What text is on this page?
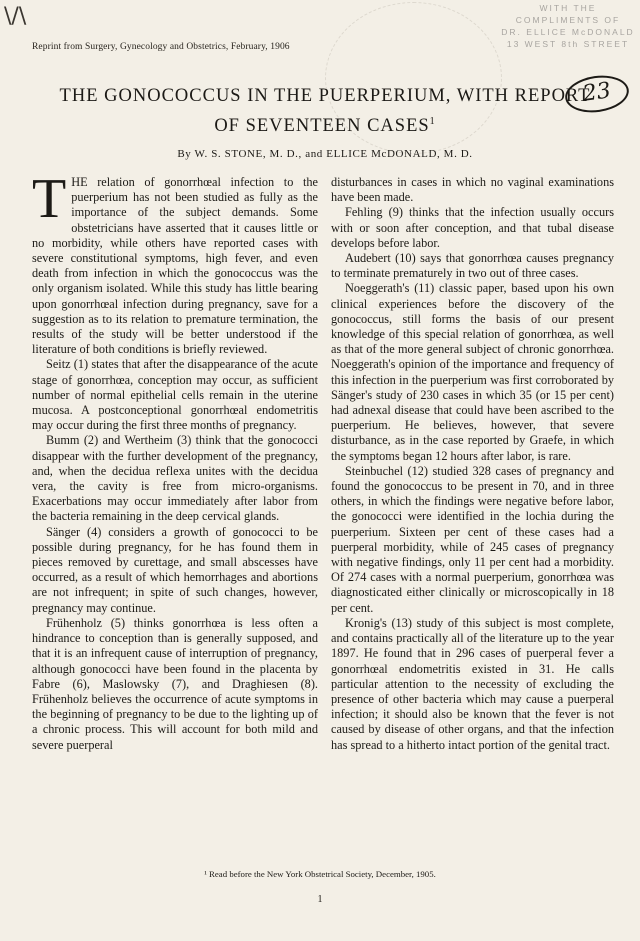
\/\	WITH THE COMPLIMENTS OF
DR. ELLICE McDONALD
13 WEST 8th STREET
Reprint from Surgery, Gynecology and Obstetrics, February, 1906
THE GONOCOCCUS IN THE PUERPERIUM, WITH REPORT
OF SEVENTEEN CASES$^1$
23
By W. S. STONE, M. D., and ELLICE McDONALD, M. D.

THE relation of gonorrhœal infection to the puerperium has not been studied as fully as the importance of the subject demands. Some obstetricians have asserted that it causes little or no morbidity, while others have reported cases with severe constitutional symptoms, high fever, and even death from infection in which the gonococcus was the only organism isolated. While this study has little bearing upon gonorrhœal infection during pregnancy, save for a suggestion as to its relation to premature termination, the results of the study will be better understood if the literature of both conditions is briefly reviewed.

Seitz (1) states that after the disappearance of the acute stage of gonorrhœa, conception may occur, as sufficient number of normal epithelial cells remain in the uterine mucosa. A postconceptional gonorrhœal endometritis may occur during the first three months of pregnancy.

Bumm (2) and Wertheim (3) think that the gonococci disappear with the further development of the pregnancy, and, when the decidua reflexa unites with the decidua vera, the cavity is free from micro-organisms. Exacerbations may occur immediately after labor from the bacteria remaining in the deep cervical glands.

Sänger (4) considers a growth of gonococci to be possible during pregnancy, for he has found them in pieces removed by curettage, and small abscesses have occurred, as a result of which hemorrhages and abortions are not infrequent; in spite of such changes, however, pregnancy may continue.

Frühenholz (5) thinks gonorrhœa is less often a hindrance to conception than is generally supposed, and that it is an infrequent cause of interruption of pregnancy, although gonococci have been found in the placenta by Fabre (6), Maslowsky (7), and Draghiesen (8). Frühenholz believes the occurrence of acute symptoms in the beginning of pregnancy to be due to the lighting up of a chronic process. This will account for both mild and severe puerperal

disturbances in cases in which no vaginal examinations have been made.

Fehling (9) thinks that the infection usually occurs with or soon after conception, and that tubal disease develops before labor.

Audebert (10) says that gonorrhœa causes pregnancy to terminate prematurely in two out of three cases.

Noeggerath's (11) classic paper, based upon his own clinical experiences before the discovery of the gonococcus, still forms the basis of our present knowledge of this special relation of gonorrhœa, as well as that of the more general subject of chronic gonorrhœa. Noeggerath's opinion of the importance and frequency of this infection in the puerperium was first corroborated by Sänger's study of 230 cases in which 35 (or 15 per cent) had adnexal disease that could have been ascribed to the puerperium. He believes, however, that severe disturbance, as in the case reported by Graefe, in which the symptoms began 12 hours after labor, is rare.

Steinbuchel (12) studied 328 cases of pregnancy and found the gonococcus to be present in 70, and in three others, in which the findings were negative before labor, the gonococci were identified in the lochia during the puerperium. Sixteen per cent of these cases had a puerperal morbidity, while of 245 cases of pregnancy with negative findings, only 11 per cent had a morbidity. Of 274 cases with a normal puerperium, gonorrhœa was diagnosticated either clinically or microscopically in 18 per cent.

Kronig's (13) study of this subject is most complete, and contains practically all of the literature up to the year 1897. He found that in 296 cases of puerperal fever a gonorrhœal endometritis existed in 31. He calls particular attention to the necessity of excluding the presence of other bacteria which may cause a puerperal infection; it should also be known that the fever is not caused by disease of other organs, and that the infection has spread to a hitherto intact portion of the genital tract.

¹ Read before the New York Obstetrical Society, December, 1905.
1
